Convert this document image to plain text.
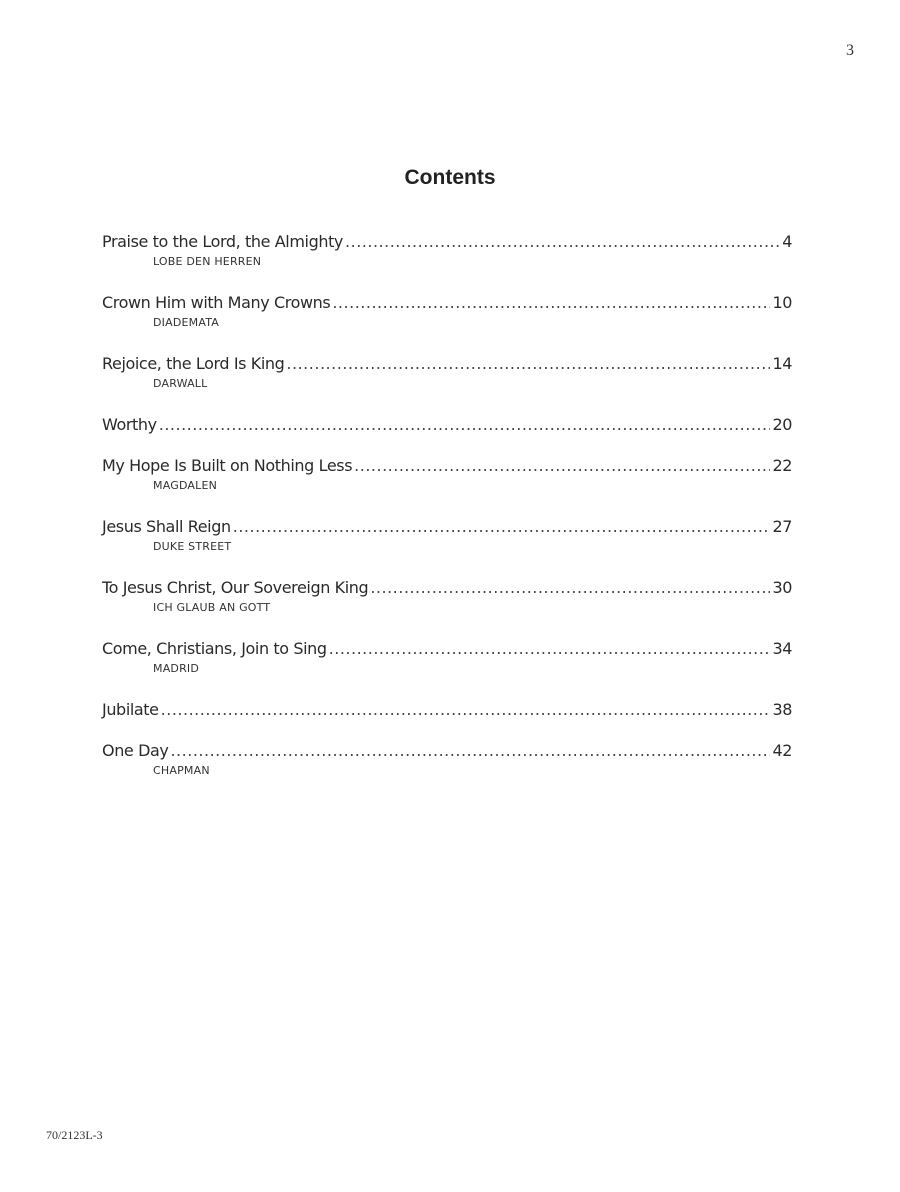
3
Contents
Praise to the Lord, the Almighty .....	4
LOBE DEN HERREN
Crown Him with Many Crowns .....	10
DIADEMATA
Rejoice, the Lord Is King .....	14
DARWALL
Worthy .....	20
My Hope Is Built on Nothing Less .....	22
MAGDALEN
Jesus Shall Reign .....	27
DUKE STREET
To Jesus Christ, Our Sovereign King .....	30
ICH GLAUB AN GOTT
Come, Christians, Join to Sing .....	34
MADRID
Jubilate .....	38
One Day .....	42
CHAPMAN
70/2123L-3
